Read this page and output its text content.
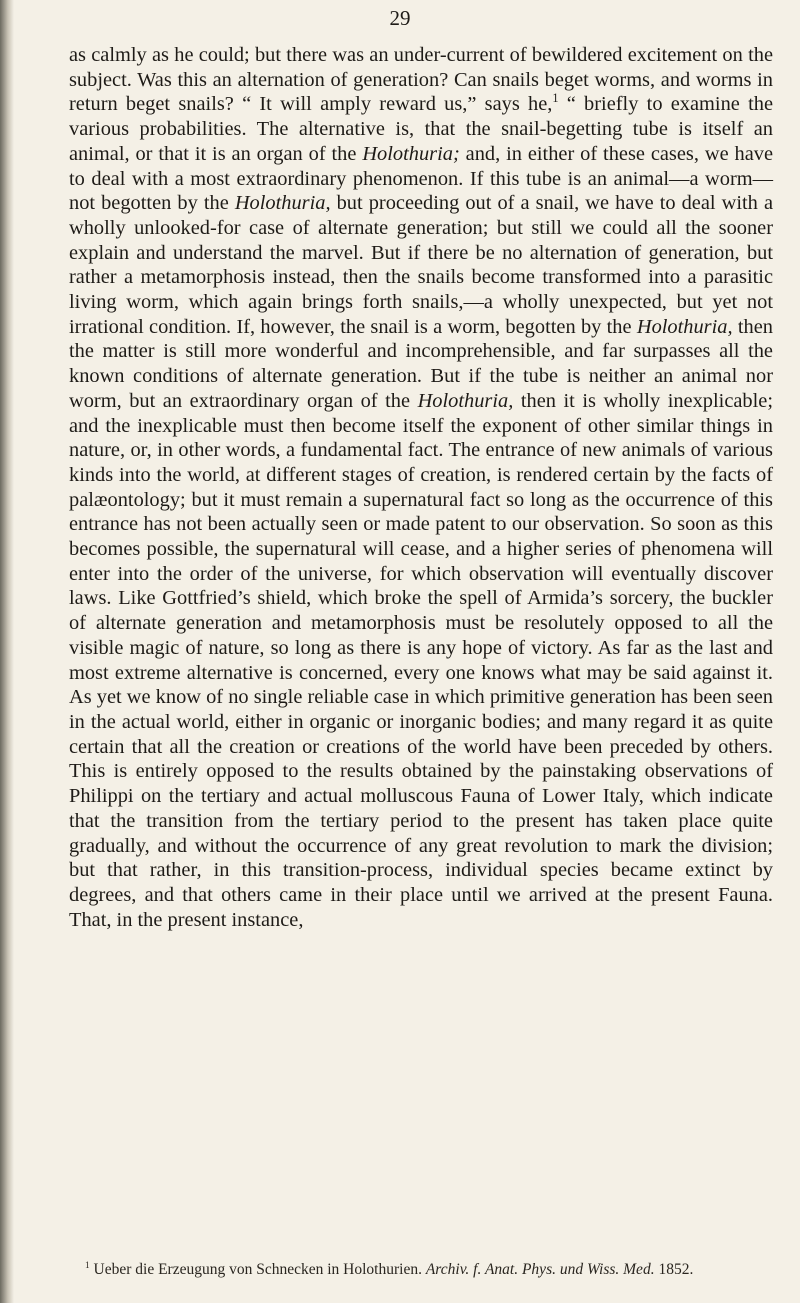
29

as calmly as he could; but there was an under-current of bewildered excitement on the subject. Was this an alternation of generation? Can snails beget worms, and worms in return beget snails? “ It will amply reward us,” says he,$^1$ “ briefly to examine the various probabilities. The alternative is, that the snail-begetting tube is itself an animal, or that it is an organ of the Holothuria; and, in either of these cases, we have to deal with a most extraordinary phenomenon. If this tube is an animal—a worm—not begotten by the Holothuria, but proceeding out of a snail, we have to deal with a wholly unlooked-for case of alternate generation; but still we could all the sooner explain and understand the marvel. But if there be no alternation of generation, but rather a metamorphosis instead, then the snails become transformed into a parasitic living worm, which again brings forth snails,—a wholly unexpected, but yet not irrational condition. If, however, the snail is a worm, begotten by the Holothuria, then the matter is still more wonderful and incomprehensible, and far surpasses all the known conditions of alternate generation. But if the tube is neither an animal nor worm, but an extraordinary organ of the Holothuria, then it is wholly inexplicable; and the inexplicable must then become itself the exponent of other similar things in nature, or, in other words, a fundamental fact. The entrance of new animals of various kinds into the world, at different stages of creation, is rendered certain by the facts of palæontology; but it must remain a supernatural fact so long as the occurrence of this entrance has not been actually seen or made patent to our observation. So soon as this becomes possible, the supernatural will cease, and a higher series of phenomena will enter into the order of the universe, for which observation will eventually discover laws. Like Gottfried’s shield, which broke the spell of Armida’s sorcery, the buckler of alternate generation and metamorphosis must be resolutely opposed to all the visible magic of nature, so long as there is any hope of victory. As far as the last and most extreme alternative is concerned, every one knows what may be said against it. As yet we know of no single reliable case in which primitive generation has been seen in the actual world, either in organic or inorganic bodies; and many regard it as quite certain that all the creation or creations of the world have been preceded by others. This is entirely opposed to the results obtained by the painstaking observations of Philippi on the tertiary and actual molluscous Fauna of Lower Italy, which indicate that the transition from the tertiary period to the present has taken place quite gradually, and without the occurrence of any great revolution to mark the division; but that rather, in this transition-process, individual species became extinct by degrees, and that others came in their place until we arrived at the present Fauna. That, in the present instance,

$^1$ Ueber die Erzeugung von Schnecken in Holothurien. Archiv. f. Anat. Phys. und Wiss. Med. 1852.
